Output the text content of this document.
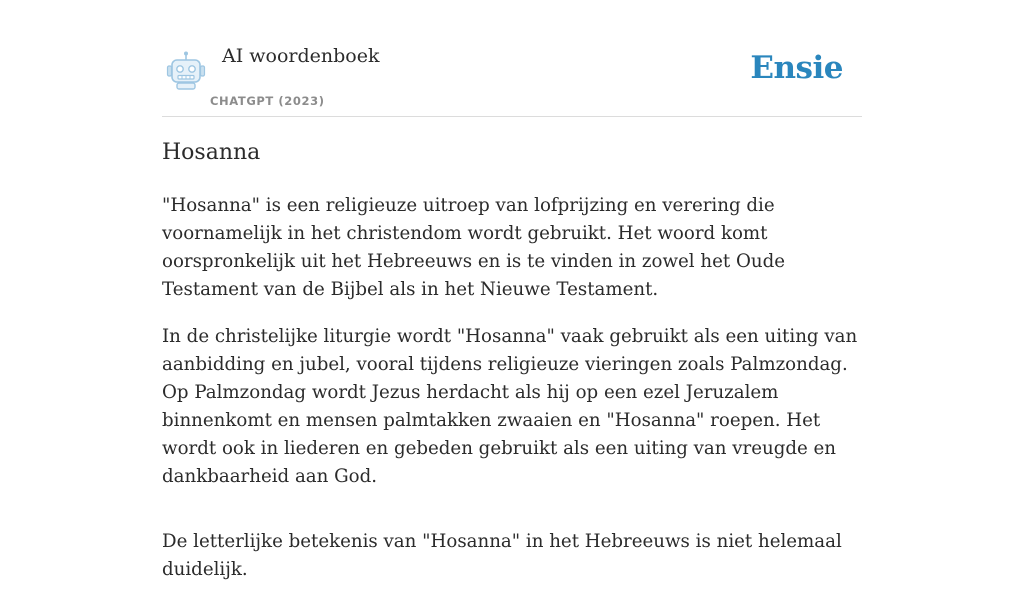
AI woordenboek
CHATGPT (2023)
Ensie
Hosanna

"Hosanna" is een religieuze uitroep van lofprijzing en verering die voornamelijk in het christendom wordt gebruikt. Het woord komt oorspronkelijk uit het Hebreeuws en is te vinden in zowel het Oude Testament van de Bijbel als in het Nieuwe Testament.

In de christelijke liturgie wordt "Hosanna" vaak gebruikt als een uiting van aanbidding en jubel, vooral tijdens religieuze vieringen zoals Palmzondag. Op Palmzondag wordt Jezus herdacht als hij op een ezel Jeruzalem binnenkomt en mensen palmtakken zwaaien en "Hosanna" roepen. Het wordt ook in liederen en gebeden gebruikt als een uiting van vreugde en dankbaarheid aan God.

De letterlijke betekenis van "Hosanna" in het Hebreeuws is niet helemaal duidelijk.
